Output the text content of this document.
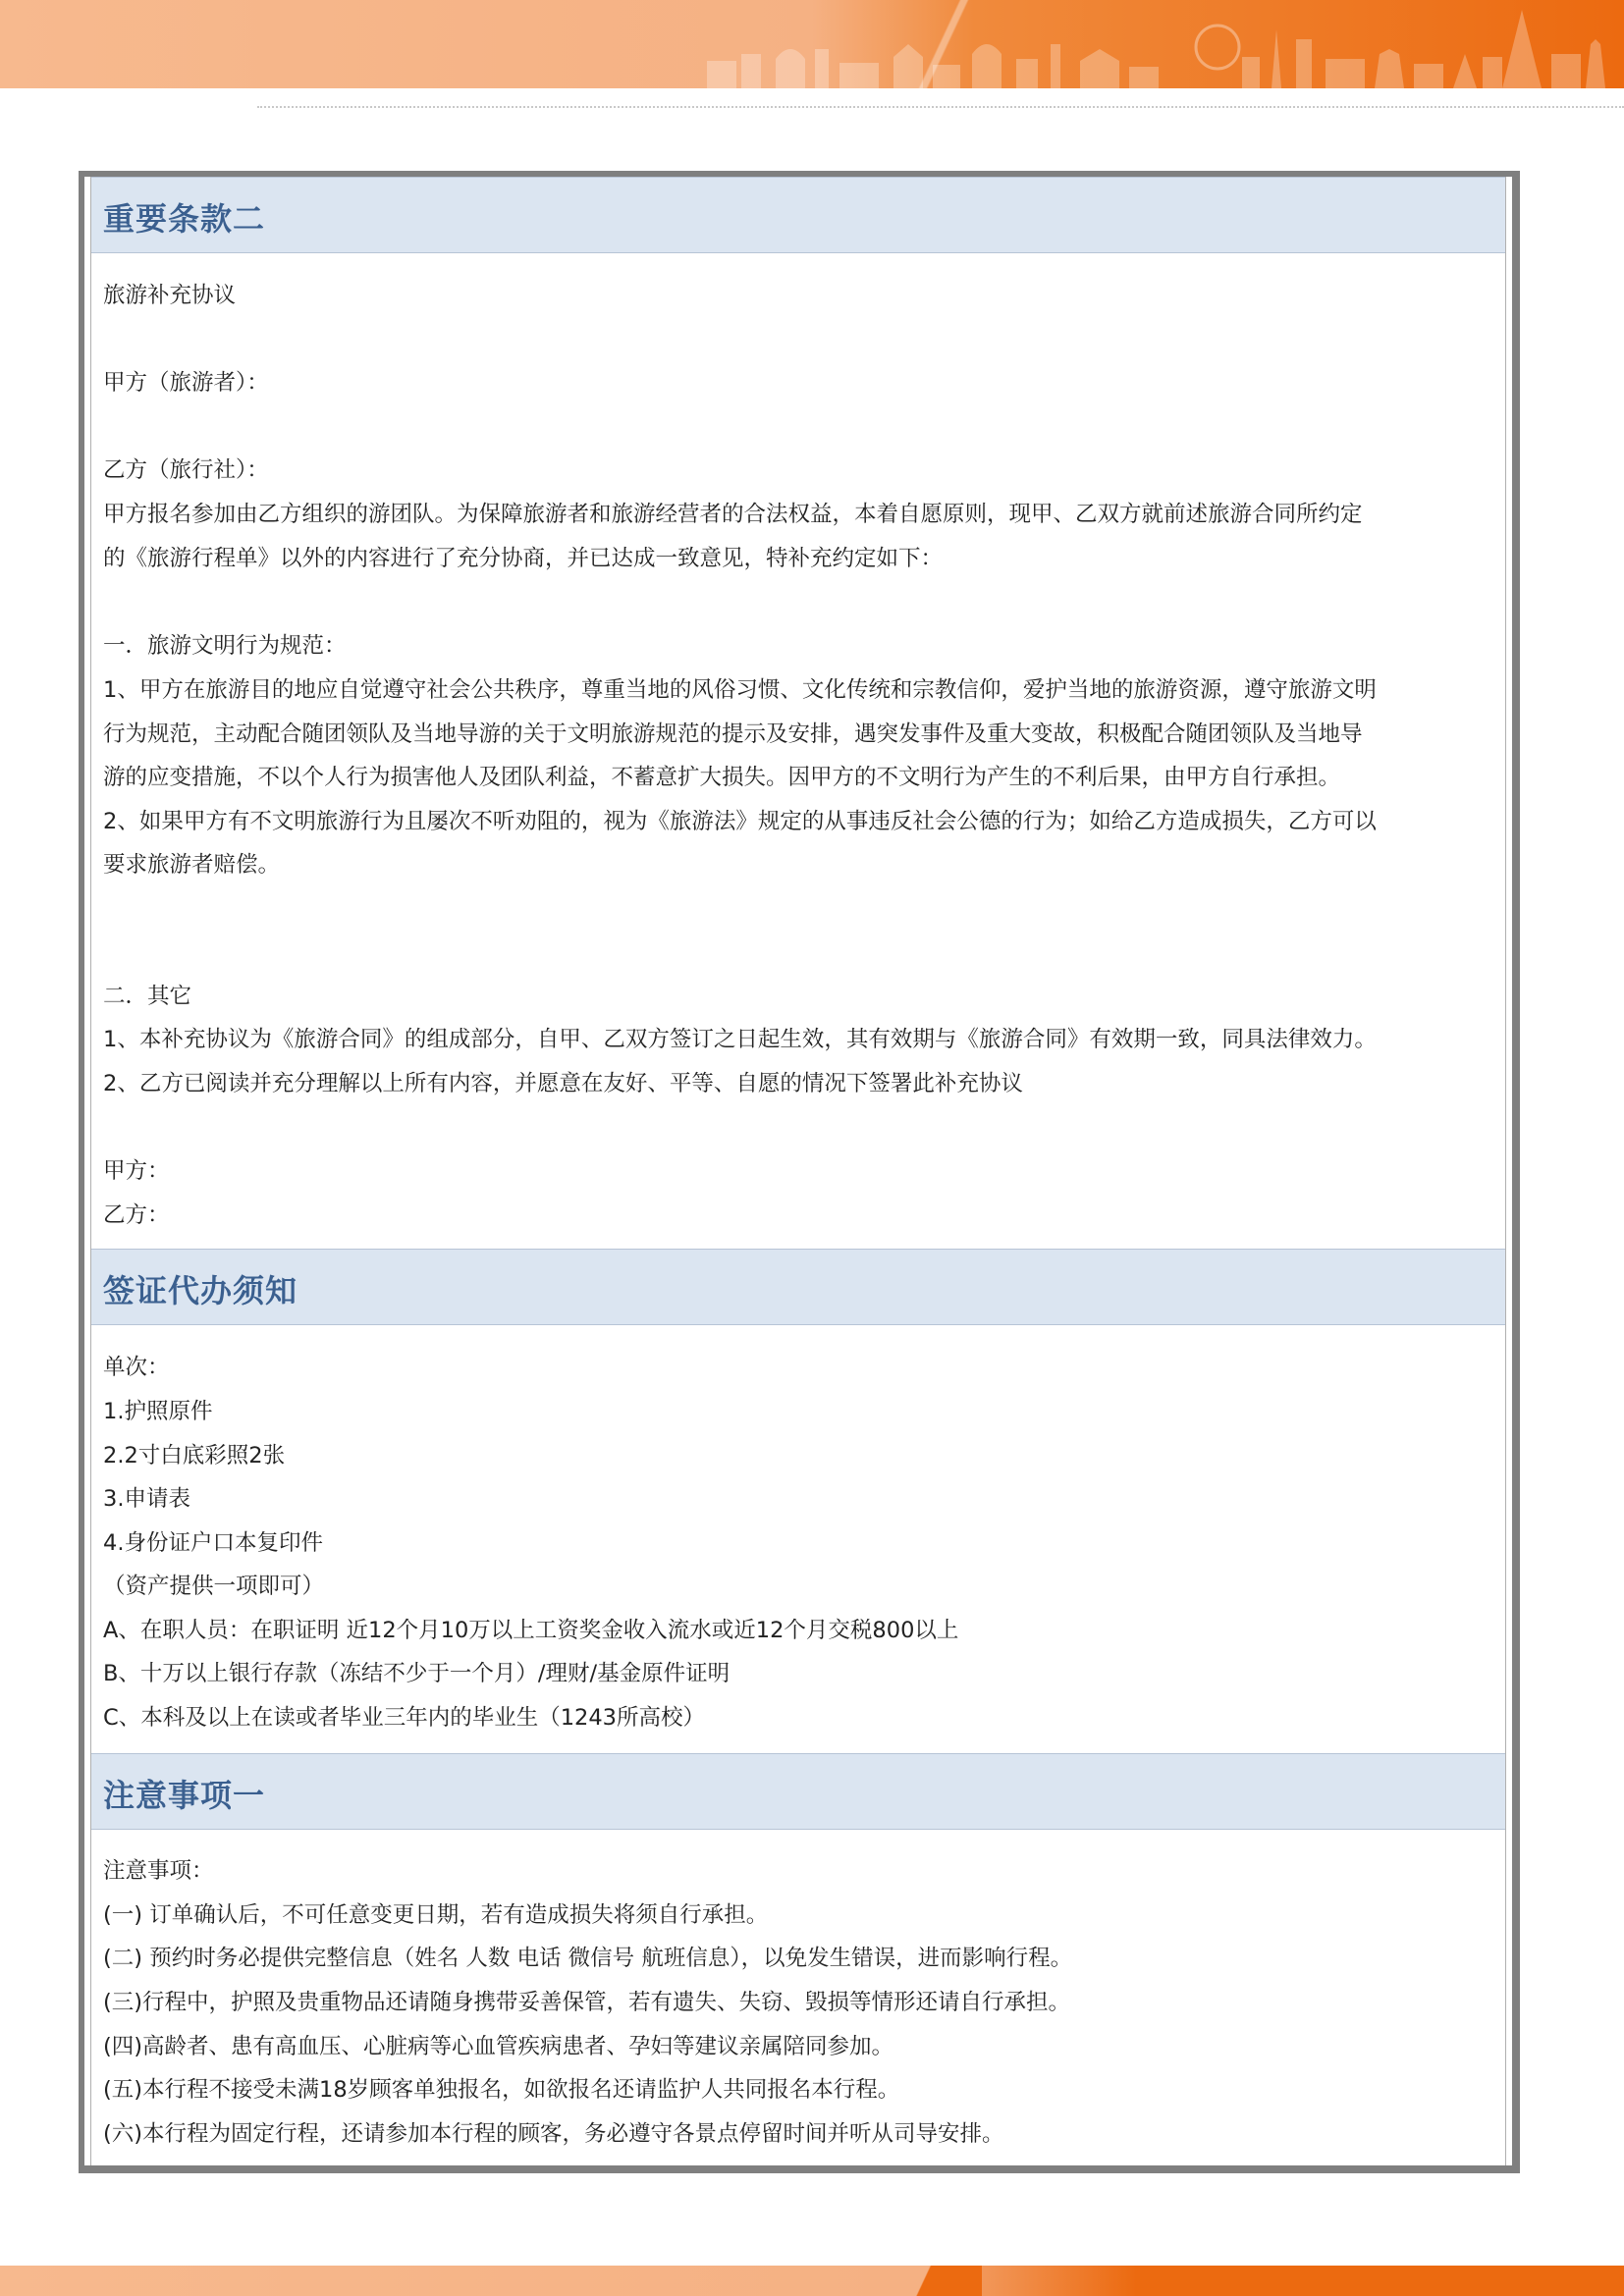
重要条款二
旅游补充协议
甲方（旅游者）：
乙方（旅行社）：
甲方报名参加由乙方组织的游团队。为保障旅游者和旅游经营者的合法权益，本着自愿原则，现甲、乙双方就前述旅游合同所约定
的《旅游行程单》以外的内容进行了充分协商，并已达成一致意见，特补充约定如下：
一．旅游文明行为规范：
1、甲方在旅游目的地应自觉遵守社会公共秩序，尊重当地的风俗习惯、文化传统和宗教信仰，爱护当地的旅游资源，遵守旅游文明
行为规范，主动配合随团领队及当地导游的关于文明旅游规范的提示及安排，遇突发事件及重大变故，积极配合随团领队及当地导
游的应变措施，不以个人行为损害他人及团队利益，不蓄意扩大损失。因甲方的不文明行为产生的不利后果，由甲方自行承担。
2、如果甲方有不文明旅游行为且屡次不听劝阻的，视为《旅游法》规定的从事违反社会公德的行为；如给乙方造成损失，乙方可以
要求旅游者赔偿。
二．其它
1、本补充协议为《旅游合同》的组成部分，自甲、乙双方签订之日起生效，其有效期与《旅游合同》有效期一致，同具法律效力。
2、乙方已阅读并充分理解以上所有内容，并愿意在友好、平等、自愿的情况下签署此补充协议
甲方：
乙方：
签证代办须知
单次：
1.护照原件
2.2寸白底彩照2张
3.申请表
4.身份证户口本复印件
（资产提供一项即可）
A、在职人员：在职证明 近12个月10万以上工资奖金收入流水或近12个月交税800以上
B、十万以上银行存款（冻结不少于一个月）/理财/基金原件证明
C、本科及以上在读或者毕业三年内的毕业生（1243所高校）
注意事项一
注意事项：
(一) 订单确认后，不可任意变更日期，若有造成损失将须自行承担。
(二) 预约时务必提供完整信息（姓名 人数 电话 微信号 航班信息），以免发生错误，进而影响行程。
(三)行程中，护照及贵重物品还请随身携带妥善保管，若有遗失、失窃、毁损等情形还请自行承担。
(四)高龄者、患有高血压、心脏病等心血管疾病患者、孕妇等建议亲属陪同参加。
(五)本行程不接受未满18岁顾客单独报名，如欲报名还请监护人共同报名本行程。
(六)本行程为固定行程，还请参加本行程的顾客，务必遵守各景点停留时间并听从司导安排。
